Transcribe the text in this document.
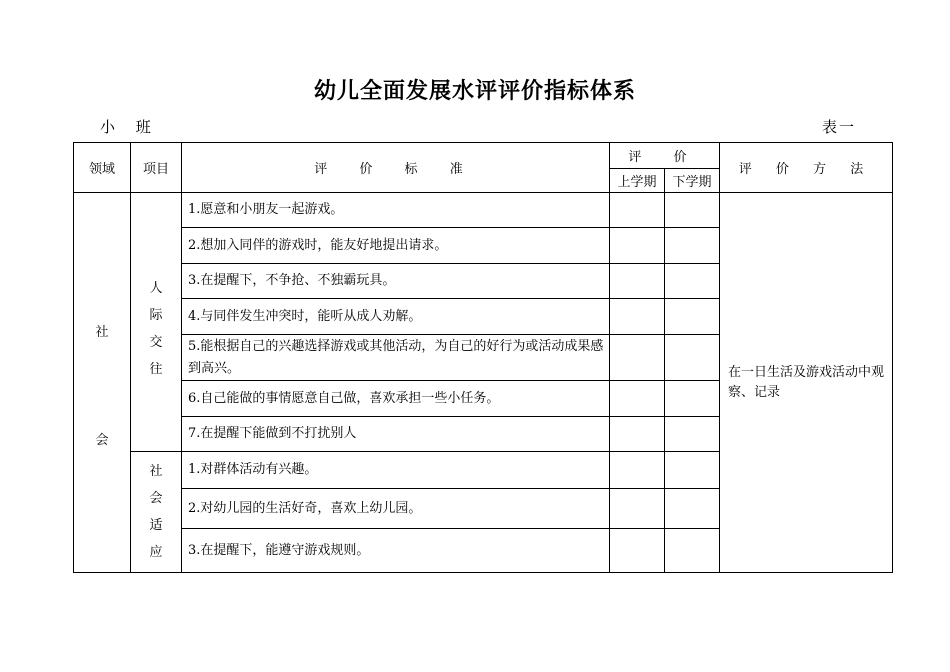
幼儿全面发展水评评价指标体系
小 班	表一
领域	项目	评 价 标 准	评 价		评 价 方 法
			上学期	下学期	

社
会	人际交往	1.愿意和小朋友一起游戏。			在一日生活及游戏活动中观察、记录
		2.想加入同伴的游戏时，能友好地提出请求。			
		3.在提醒下，不争抢、不独霸玩具。			
		4.与同伴发生冲突时，能听从成人劝解。			
		5.能根据自己的兴趣选择游戏或其他活动，为自己的好行为或活动成果感到高兴。			
		6.自己能做的事情愿意自己做，喜欢承担一些小任务。			
		7.在提醒下能做到不打扰别人			

	社会适应	1.对群体活动有兴趣。			
		2.对幼儿园的生活好奇，喜欢上幼儿园。			
		3.在提醒下，能遵守游戏规则。			
